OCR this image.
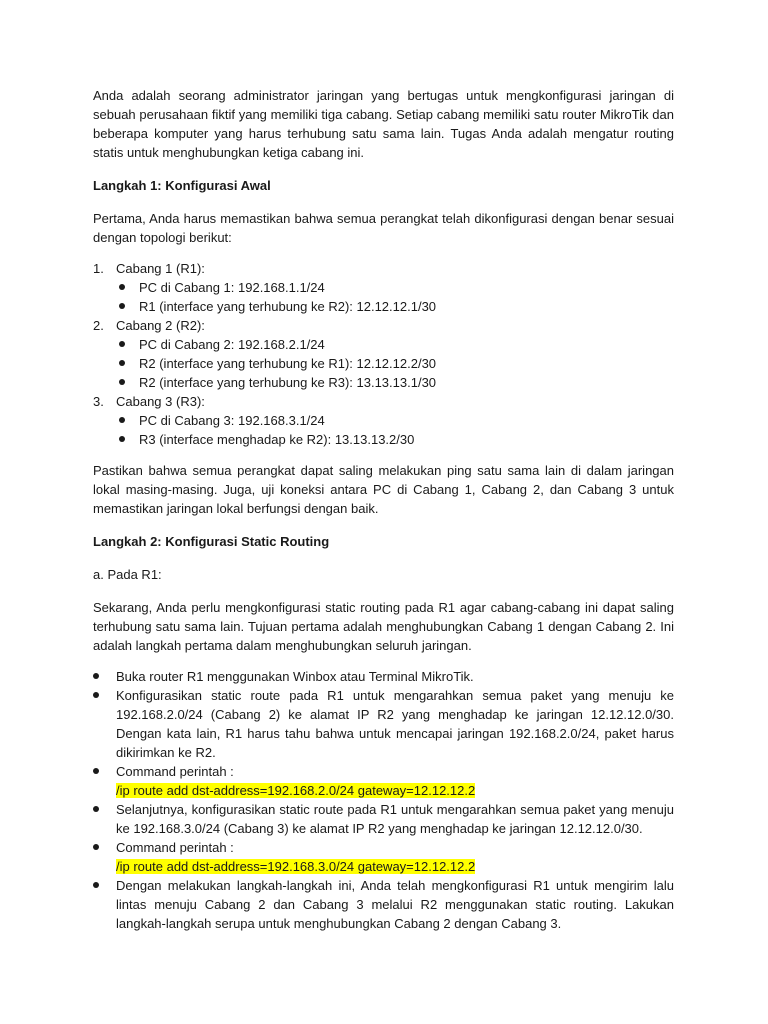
Anda adalah seorang administrator jaringan yang bertugas untuk mengkonfigurasi jaringan di sebuah perusahaan fiktif yang memiliki tiga cabang. Setiap cabang memiliki satu router MikroTik dan beberapa komputer yang harus terhubung satu sama lain. Tugas Anda adalah mengatur routing statis untuk menghubungkan ketiga cabang ini.

Langkah 1: Konfigurasi Awal

Pertama, Anda harus memastikan bahwa semua perangkat telah dikonfigurasi dengan benar sesuai dengan topologi berikut:

1. Cabang 1 (R1):
PC di Cabang 1: 192.168.1.1/24
R1 (interface yang terhubung ke R2): 12.12.12.1/30
2. Cabang 2 (R2):
PC di Cabang 2: 192.168.2.1/24
R2 (interface yang terhubung ke R1): 12.12.12.2/30
R2 (interface yang terhubung ke R3): 13.13.13.1/30
3. Cabang 3 (R3):
PC di Cabang 3: 192.168.3.1/24
R3 (interface menghadap ke R2): 13.13.13.2/30

Pastikan bahwa semua perangkat dapat saling melakukan ping satu sama lain di dalam jaringan lokal masing-masing. Juga, uji koneksi antara PC di Cabang 1, Cabang 2, dan Cabang 3 untuk memastikan jaringan lokal berfungsi dengan baik.

Langkah 2: Konfigurasi Static Routing

a. Pada R1:

Sekarang, Anda perlu mengkonfigurasi static routing pada R1 agar cabang-cabang ini dapat saling terhubung satu sama lain. Tujuan pertama adalah menghubungkan Cabang 1 dengan Cabang 2. Ini adalah langkah pertama dalam menghubungkan seluruh jaringan.

Buka router R1 menggunakan Winbox atau Terminal MikroTik.
Konfigurasikan static route pada R1 untuk mengarahkan semua paket yang menuju ke 192.168.2.0/24 (Cabang 2) ke alamat IP R2 yang menghadap ke jaringan 12.12.12.0/30. Dengan kata lain, R1 harus tahu bahwa untuk mencapai jaringan 192.168.2.0/24, paket harus dikirimkan ke R2.
Command perintah :
/ip route add dst-address=192.168.2.0/24 gateway=12.12.12.2
Selanjutnya, konfigurasikan static route pada R1 untuk mengarahkan semua paket yang menuju ke 192.168.3.0/24 (Cabang 3) ke alamat IP R2 yang menghadap ke jaringan 12.12.12.0/30.
Command perintah :
/ip route add dst-address=192.168.3.0/24 gateway=12.12.12.2
Dengan melakukan langkah-langkah ini, Anda telah mengkonfigurasi R1 untuk mengirim lalu lintas menuju Cabang 2 dan Cabang 3 melalui R2 menggunakan static routing. Lakukan langkah-langkah serupa untuk menghubungkan Cabang 2 dengan Cabang 3.
